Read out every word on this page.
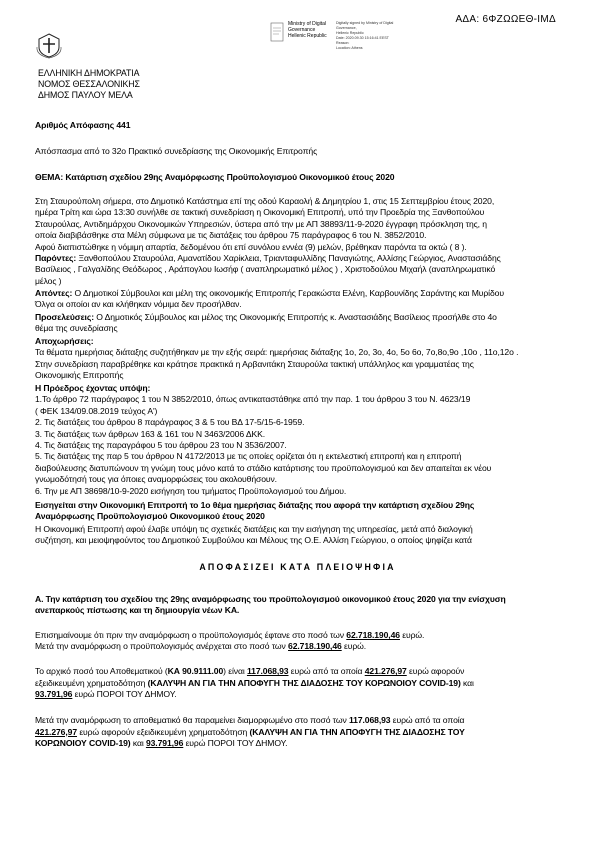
ΑΔΑ: 6ΦΖΩΩΕΘ-ΙΜΔ
Ministry of Digital
Governance
Hellenic Republic
Digitally signed by Ministry of Digital
Governance,
Hellenic Republic
Date: 2020.09.30 15:16:41 EEST
Reason:
Location: Athens
ΕΛΛΗΝΙΚΗ ΔΗΜΟΚΡΑΤΙΑ
ΝΟΜΟΣ ΘΕΣΣΑΛΟΝΙΚΗΣ
ΔΗΜΟΣ ΠΑΥΛΟΥ ΜΕΛΑ
Αριθμός Απόφασης 441
Απόσπασμα από το 32ο Πρακτικό συνεδρίασης της Οικονομικής Επιτροπής
ΘΕΜΑ: Κατάρτιση σχεδίου 29ης Αναμόρφωσης Προϋπολογισμού Οικονομικού έτους 2020
Στη Σταυρούπολη σήμερα, στο Δημοτικό Κατάστημα επί της οδού Καραολή & Δημητρίου 1, στις 15 Σεπτεμβρίου έτους 2020,
ημέρα Τρίτη και ώρα 13:30 συνήλθε σε τακτική συνεδρίαση η Οικονομική Επιτροπή, υπό την Προεδρία της Ξανθοπούλου
Σταυρούλας, Αντιδημάρχου Οικονομικών Υπηρεσιών, ύστερα από την με ΑΠ 38893/11-9-2020 έγγραφη πρόσκληση της, η
οποία διαβιβάσθηκε στα Μέλη σύμφωνα με τις διατάξεις του άρθρου 75 παράγραφος 6 του Ν. 3852/2010.
Αφού διαπιστώθηκε η νόμιμη απαρτία, δεδομένου ότι επί συνόλου εννέα (9) μελών, βρέθηκαν παρόντα τα οκτώ ( 8 ).
Παρόντες: Ξανθοπούλου Σταυρούλα, Αμανατίδου Χαρίκλεια, Τριανταφυλλίδης Παναγιώτης, Αλλίσης Γεώργιος, Αναστασιάδης
Βασίλειος , Γαλγαλίδης Θεόδωρος , Αράπογλου Ιωσήφ ( αναπληρωματικό μέλος ) , Χριστοδούλου Μιχαήλ (αναπληρωματικό
μέλος )
Απόντες: Ο Δημοτικοί Σύμβουλοι και μέλη της οικονομικής Επιτροπής Γερακώστα Ελένη, Καρβουνίδης Σαράντης και Μυρίδου
Όλγα οι οποίοι αν και κλήθηκαν νόμιμα δεν προσήλθαν.
Προσελεύσεις: Ο Δημοτικός Σύμβουλος και μέλος της Οικονομικής Επιτροπής κ. Αναστασιάδης Βασίλειος προσήλθε στο 4ο
θέμα της συνεδρίασης
Αποχωρήσεις:
Τα θέματα ημερήσιας διάταξης συζητήθηκαν με την εξής σειρά: ημερήσιας διάταξης 1ο, 2ο, 3ο, 4ο, 5ο 6ο, 7ο,8ο,9ο ,10ο , 11ο,12ο .
Στην συνεδρίαση παραβρέθηκε και κράτησε πρακτικά η Αρβανιτάκη Σταυρούλα τακτική υπάλληλος και γραμματέας της
Οικονομικής Επιτροπής
Η Πρόεδρος έχοντας υπόψη:
1.Το άρθρο 72 παράγραφος 1 του Ν 3852/2010, όπως αντικαταστάθηκε από την παρ. 1 του άρθρου 3 του Ν. 4623/19
( ΦΕΚ 134/09.08.2019 τεύχος Α')
2. Τις διατάξεις του άρθρου 8 παράγραφος 3 & 5 του ΒΔ 17-5/15-6-1959.
3. Τις διατάξεις των άρθρων 163 & 161 του Ν 3463/2006 ΔΚΚ.
4. Τις διατάξεις της παραγράφου 5 του άρθρου 23 του Ν 3536/2007.
5. Τις διατάξεις της παρ 5 του άρθρου Ν 4172/2013 με τις οποίες ορίζεται ότι η εκτελεστική επιτροπή και η επιτροπή
διαβούλευσης διατυπώνουν τη γνώμη τους μόνο κατά το στάδιο κατάρτισης του προϋπολογισμού και δεν απαιτείται εκ νέου
γνωμοδότησή τους για όποιες αναμορφώσεις του ακολουθήσουν.
6. Την με ΑΠ 38698/10-9-2020 εισήγηση του τμήματος Προϋπολογισμού του Δήμου.
Εισηγείται στην Οικονομική Επιτροπή το 1ο θέμα ημερήσιας διάταξης που αφορά την κατάρτιση σχεδίου 29ης
Αναμόρφωσης Προϋπολογισμού Οικονομικού έτους 2020
Η Οικονομική Επιτροπή αφού έλαβε υπόψη τις σχετικές διατάξεις και την εισήγηση της υπηρεσίας, μετά από διαλογική
συζήτηση, και μειοψηφούντος του Δημοτικού Συμβούλου και Μέλους της Ο.Ε. Αλλίση Γεώργιου, ο οποίος ψηφίζει κατά
ΑΠΟΦΑΣΙΖΕΙ ΚΑΤΑ ΠΛΕΙΟΨΗΦΙΑ
Α. Την κατάρτιση του σχεδίου της 29ης αναμόρφωσης του προϋπολογισμού οικονομικού έτους 2020 για την ενίσχυση
ανεπαρκούς πίστωσης και τη δημιουργία νέων ΚΑ.
Επισημαίνουμε ότι πριν την αναμόρφωση ο προϋπολογισμός έφτανε στο ποσό των 62.718.190,46 ευρώ.
Μετά την αναμόρφωση ο προϋπολογισμός ανέρχεται στο ποσό των 62.718.190,46 ευρώ.
Το αρχικό ποσό του Αποθεματικού (ΚΑ 90.9111.00) είναι 117.068,93 ευρώ από τα οποία 421.276,97 ευρώ αφορούν
εξειδικευμένη χρηματοδότηση (ΚΑΛΥΨΗ ΑΝ ΓΙΑ ΤΗΝ ΑΠΟΦΥΓΗ ΤΗΣ ΔΙΑΔΟΣΗΣ ΤΟΥ ΚΟΡΩΝΟΙΟΥ COVID-19) και
93.791,96 ευρώ ΠΟΡΟΙ ΤΟΥ ΔΗΜΟΥ.
Μετά την αναμόρφωση το αποθεματικό θα παραμείνει διαμορφωμένο στο ποσό των 117.068,93 ευρώ από τα οποία
421.276,97 ευρώ αφορούν εξειδικευμένη χρηματοδότηση (ΚΑΛΥΨΗ ΑΝ ΓΙΑ ΤΗΝ ΑΠΟΦΥΓΗ ΤΗΣ ΔΙΑΔΟΣΗΣ ΤΟΥ
ΚΟΡΩΝΟΙΟΥ COVID-19) και 93.791,96 ευρώ ΠΟΡΟΙ ΤΟΥ ΔΗΜΟΥ.
